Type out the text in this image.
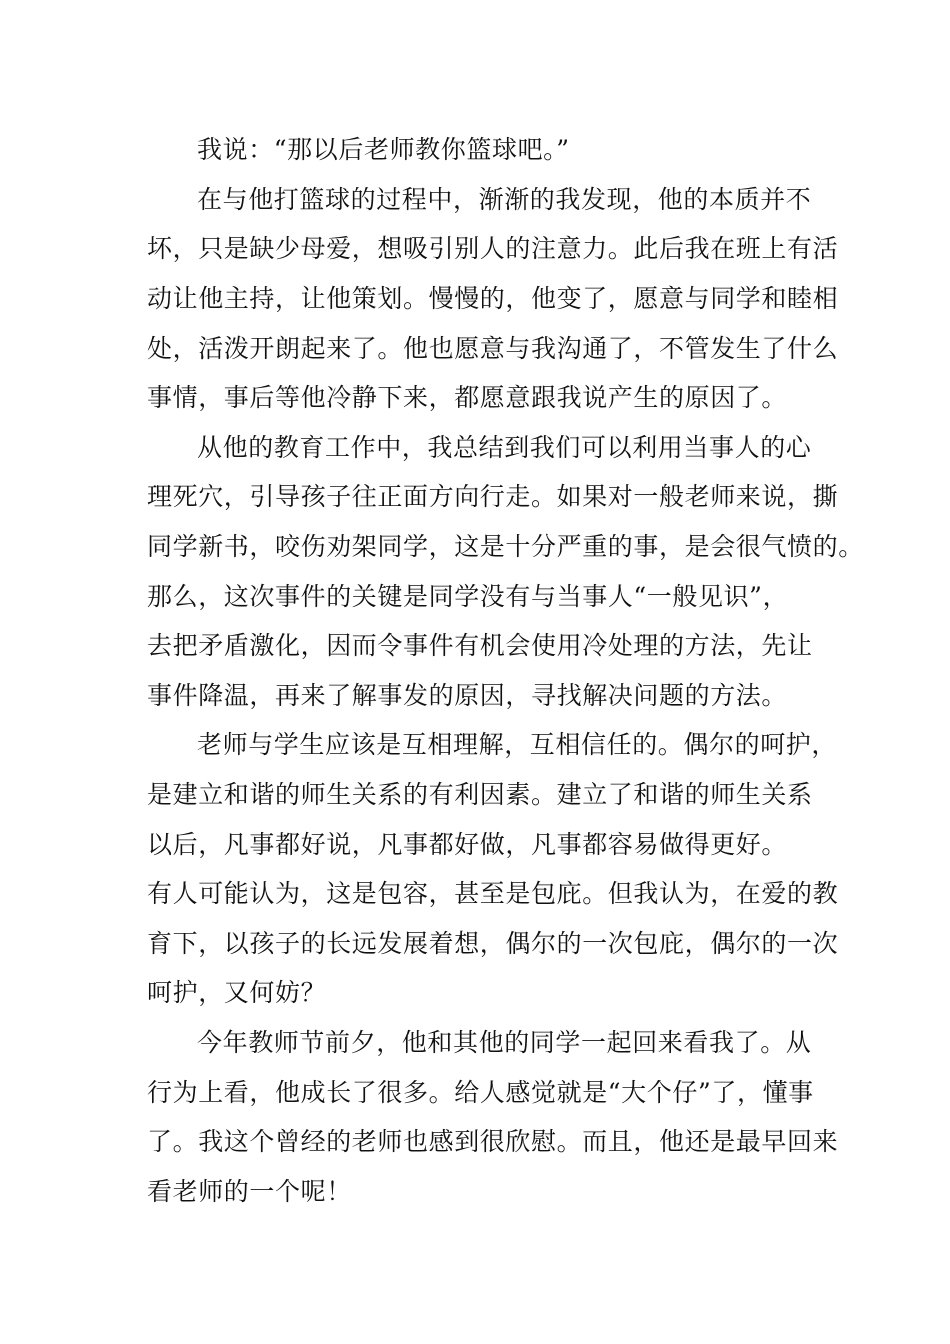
我说：“那以后老师教你篮球吧。”
在与他打篮球的过程中，渐渐的我发现，他的本质并不
坏，只是缺少母爱，想吸引别人的注意力。此后我在班上有活
动让他主持，让他策划。慢慢的，他变了，愿意与同学和睦相
处，活泼开朗起来了。他也愿意与我沟通了，不管发生了什么
事情，事后等他冷静下来，都愿意跟我说产生的原因了。
从他的教育工作中，我总结到我们可以利用当事人的心
理死穴，引导孩子往正面方向行走。如果对一般老师来说，撕
同学新书，咬伤劝架同学，这是十分严重的事，是会很气愤的。
那么，这次事件的关键是同学没有与当事人“一般见识”，
去把矛盾激化，因而令事件有机会使用冷处理的方法，先让
事件降温，再来了解事发的原因，寻找解决问题的方法。
老师与学生应该是互相理解，互相信任的。偶尔的呵护，
是建立和谐的师生关系的有利因素。建立了和谐的师生关系
以后，凡事都好说，凡事都好做，凡事都容易做得更好。
有人可能认为，这是包容，甚至是包庇。但我认为，在爱的教
育下，以孩子的长远发展着想，偶尔的一次包庇，偶尔的一次
呵护，又何妨？
今年教师节前夕，他和其他的同学一起回来看我了。从
行为上看，他成长了很多。给人感觉就是“大个仔”了，懂事
了。我这个曾经的老师也感到很欣慰。而且，他还是最早回来
看老师的一个呢！
